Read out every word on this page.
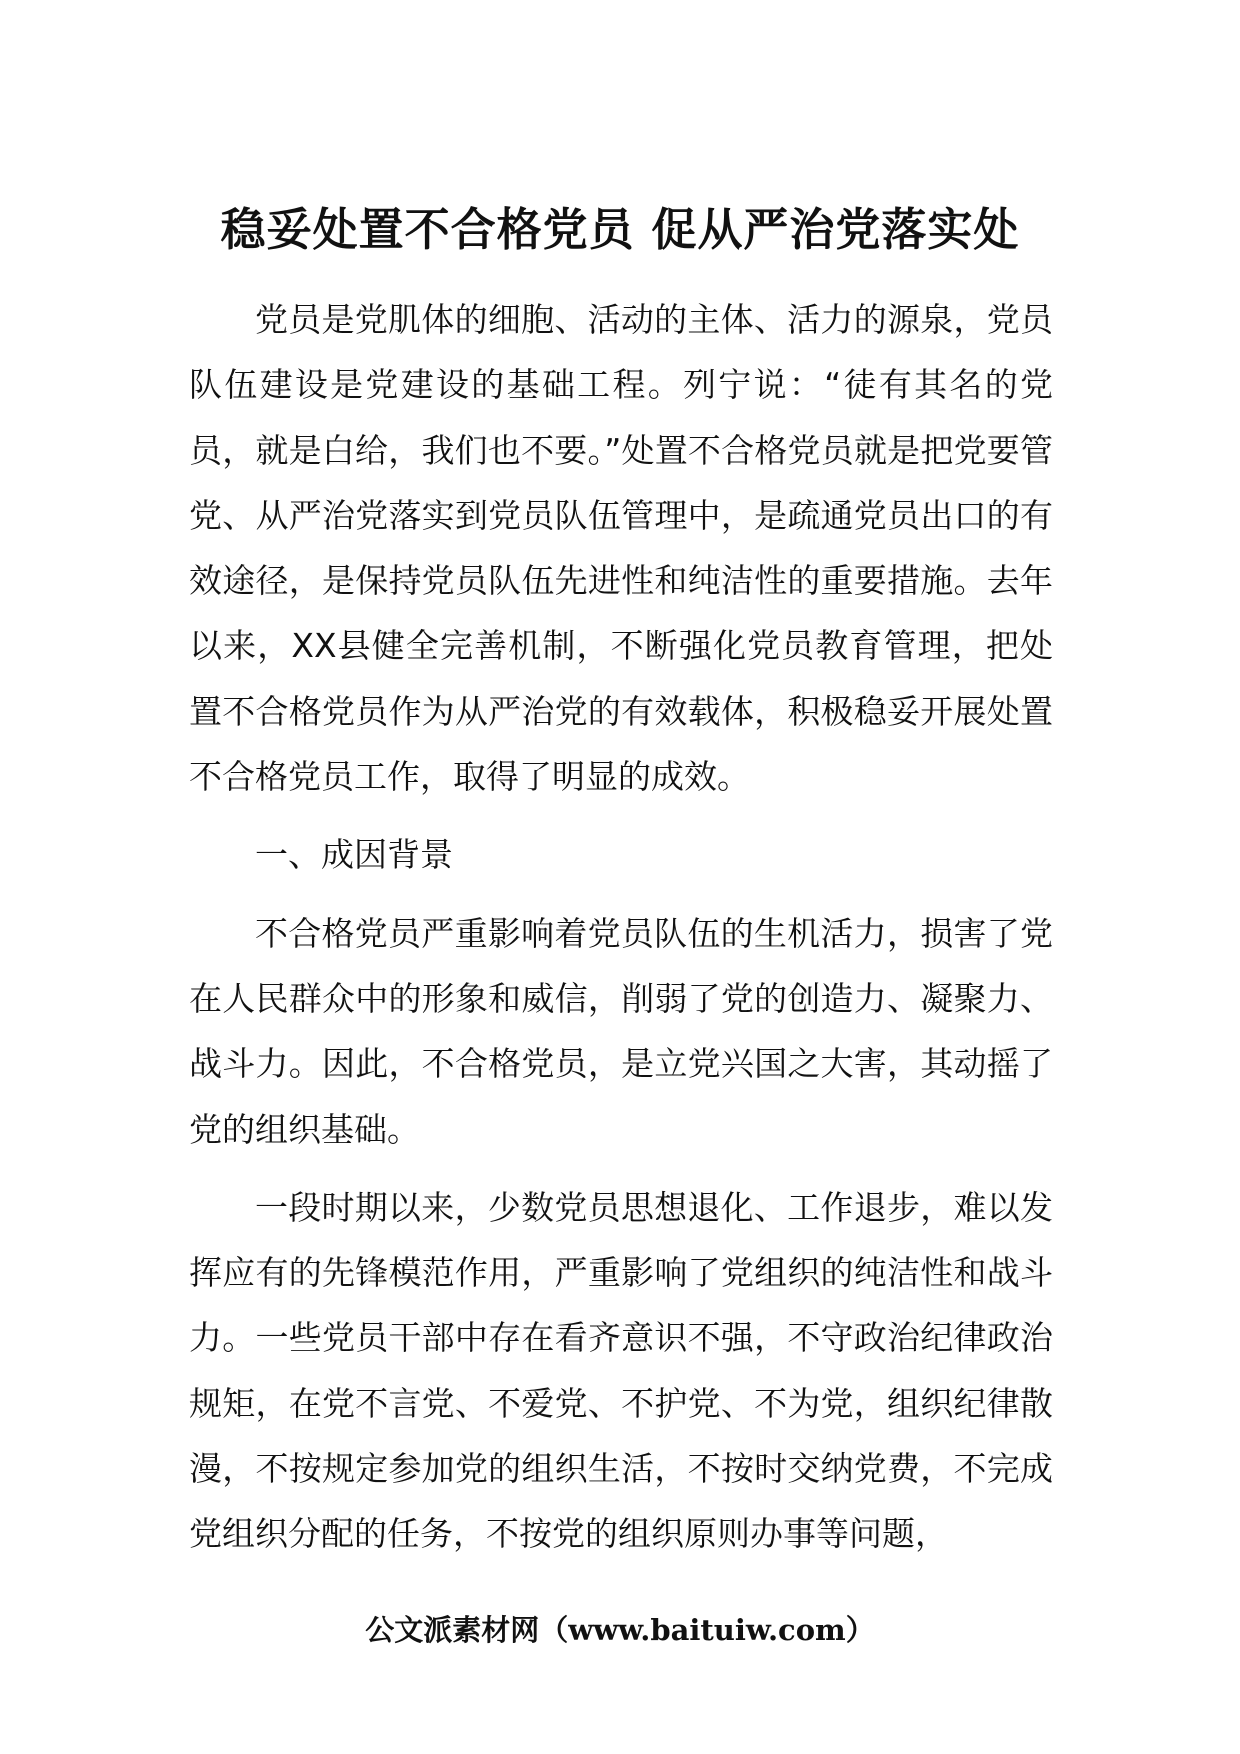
稳妥处置不合格党员 促从严治党落实处

党员是党肌体的细胞、活动的主体、活力的源泉，党员队伍建设是党建设的基础工程。列宁说：“徒有其名的党员，就是白给，我们也不要。”处置不合格党员就是把党要管党、从严治党落实到党员队伍管理中，是疏通党员出口的有效途径，是保持党员队伍先进性和纯洁性的重要措施。去年以来，XX县健全完善机制，不断强化党员教育管理，把处置不合格党员作为从严治党的有效载体，积极稳妥开展处置不合格党员工作，取得了明显的成效。

一、成因背景

不合格党员严重影响着党员队伍的生机活力，损害了党在人民群众中的形象和威信，削弱了党的创造力、凝聚力、战斗力。因此，不合格党员，是立党兴国之大害，其动摇了党的组织基础。

一段时期以来，少数党员思想退化、工作退步，难以发挥应有的先锋模范作用，严重影响了党组织的纯洁性和战斗力。一些党员干部中存在看齐意识不强，不守政治纪律政治规矩，在党不言党、不爱党、不护党、不为党，组织纪律散漫，不按规定参加党的组织生活，不按时交纳党费，不完成党组织分配的任务，不按党的组织原则办事等问题，

公文派素材网（www.baituiw.com）
